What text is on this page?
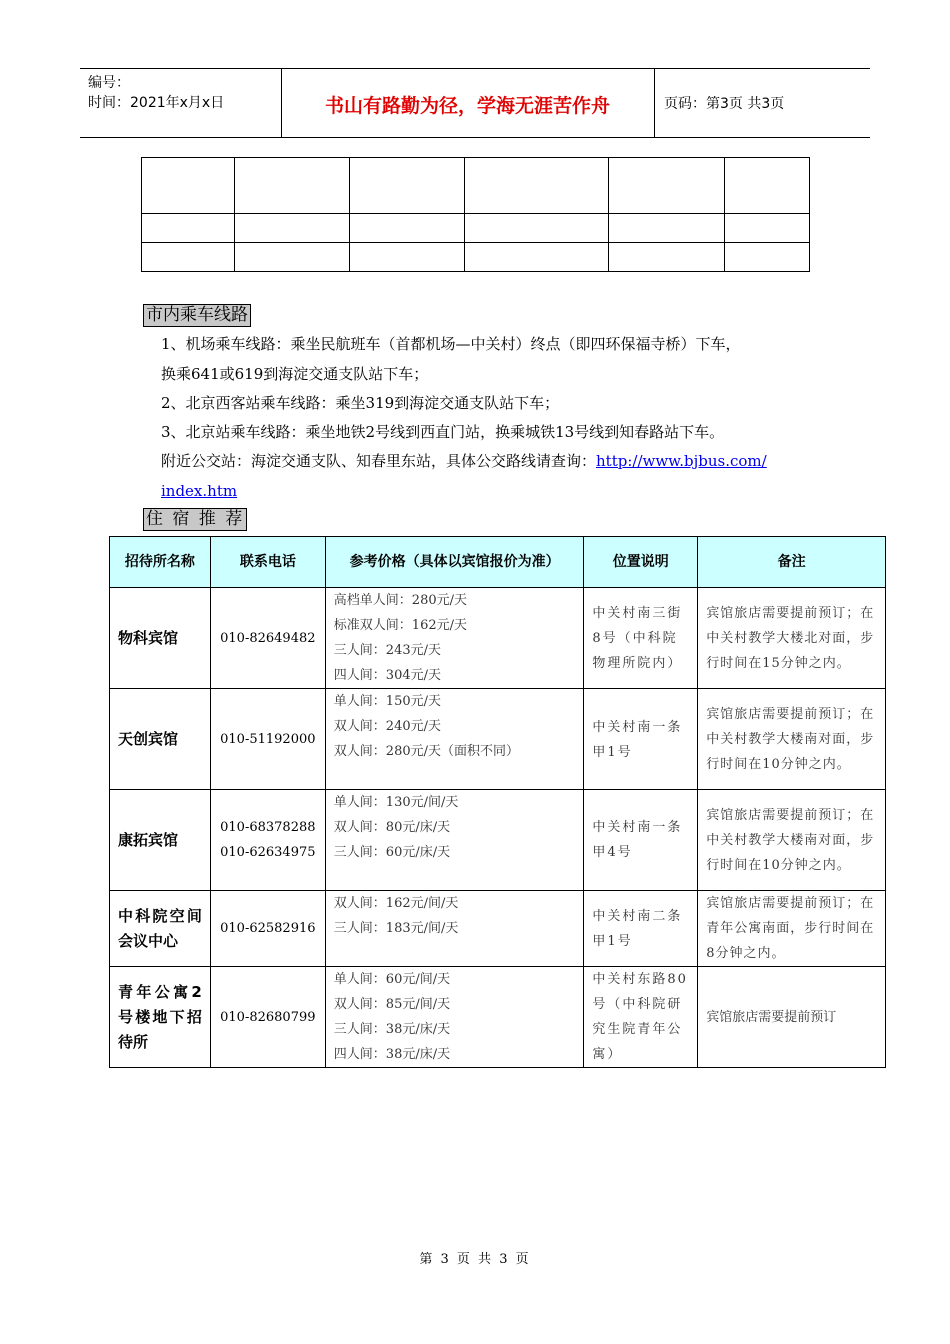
编号：
时间：2021年x月x日	书山有路勤为径，学海无涯苦作舟	页码：第3页 共3页

市内乘车线路
1、机场乘车线路：乘坐民航班车（首都机场—中关村）终点（即四环保福寺桥）下车，
换乘641或619到海淀交通支队站下车；
2、北京西客站乘车线路：乘坐319到海淀交通支队站下车；
3、北京站乘车线路：乘坐地铁2号线到西直门站，换乘城铁13号线到知春路站下车。
附近公交站：海淀交通支队、知春里东站，具体公交路线请查询：http://www.bjbus.com/
index.htm
住 宿 推 荐
招待所名称	联系电话	参考价格（具体以宾馆报价为准）	位置说明	备注
物科宾馆	010-82649482	高档单人间：280元/天
标准双人间：162元/天
三人间：243元/天
四人间：304元/天	中关村南三街8号（中科院物理所院内）	宾馆旅店需要提前预订；在中关村教学大楼北对面，步行时间在15分钟之内。
天创宾馆	010-51192000	单人间：150元/天
双人间：240元/天
双人间：280元/天（面积不同）	中关村南一条甲1号	宾馆旅店需要提前预订；在中关村教学大楼南对面，步行时间在10分钟之内。
康拓宾馆	010-68378288
010-62634975	单人间：130元/间/天
双人间：80元/床/天
三人间：60元/床/天	中关村南一条甲4号	宾馆旅店需要提前预订；在中关村教学大楼南对面，步行时间在10分钟之内。
中科院空间会议中心	010-62582916	双人间：162元/间/天
三人间：183元/间/天	中关村南二条甲1号	宾馆旅店需要提前预订；在青年公寓南面，步行时间在8分钟之内。
青年公寓2号楼地下招待所	010-82680799	单人间：60元/间/天
双人间：85元/间/天
三人间：38元/床/天
四人间：38元/床/天	中关村东路80号（中科院研究生院青年公寓）	宾馆旅店需要提前预订
第 3 页 共 3 页
